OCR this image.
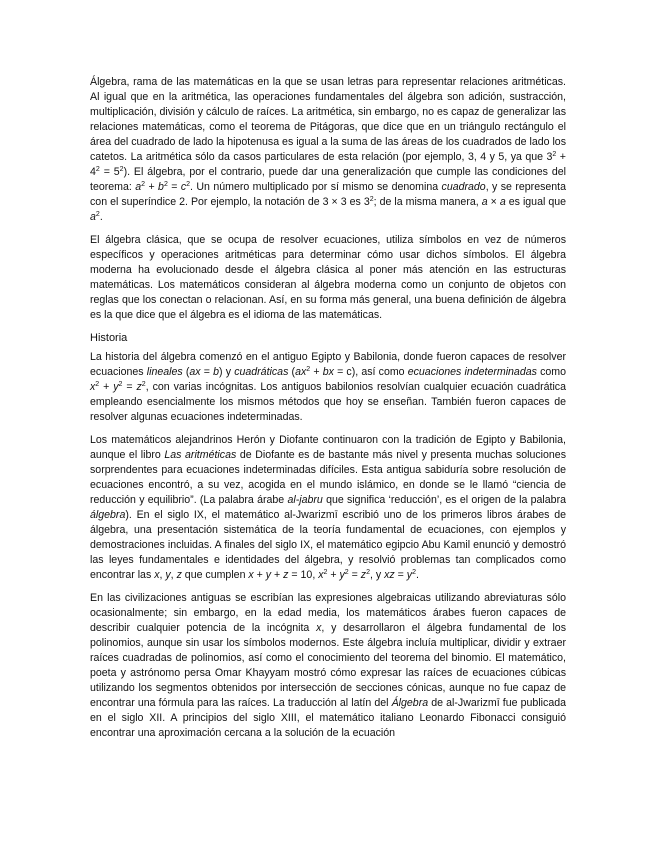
Álgebra, rama de las matemáticas en la que se usan letras para representar relaciones aritméticas. Al igual que en la aritmética, las operaciones fundamentales del álgebra son adición, sustracción, multiplicación, división y cálculo de raíces. La aritmética, sin embargo, no es capaz de generalizar las relaciones matemáticas, como el teorema de Pitágoras, que dice que en un triángulo rectángulo el área del cuadrado de lado la hipotenusa es igual a la suma de las áreas de los cuadrados de lado los catetos. La aritmética sólo da casos particulares de esta relación (por ejemplo, 3, 4 y 5, ya que $3^2 + 4^2 = 5^2$). El álgebra, por el contrario, puede dar una generalización que cumple las condiciones del teorema: $a^2 + b^2 = c^2$. Un número multiplicado por sí mismo se denomina cuadrado, y se representa con el superíndice 2. Por ejemplo, la notación de 3 × 3 es $3^2$; de la misma manera, a × a es igual que $a^2$.

El álgebra clásica, que se ocupa de resolver ecuaciones, utiliza símbolos en vez de números específicos y operaciones aritméticas para determinar cómo usar dichos símbolos. El álgebra moderna ha evolucionado desde el álgebra clásica al poner más atención en las estructuras matemáticas. Los matemáticos consideran al álgebra moderna como un conjunto de objetos con reglas que los conectan o relacionan. Así, en su forma más general, una buena definición de álgebra es la que dice que el álgebra es el idioma de las matemáticas.

Historia

La historia del álgebra comenzó en el antiguo Egipto y Babilonia, donde fueron capaces de resolver ecuaciones lineales (ax = b) y cuadráticas ($ax^2$ + bx = c), así como ecuaciones indeterminadas como $x^2 + y^2 = z^2$, con varias incógnitas. Los antiguos babilonios resolvían cualquier ecuación cuadrática empleando esencialmente los mismos métodos que hoy se enseñan. También fueron capaces de resolver algunas ecuaciones indeterminadas.

Los matemáticos alejandrinos Herón y Diofante continuaron con la tradición de Egipto y Babilonia, aunque el libro Las aritméticas de Diofante es de bastante más nivel y presenta muchas soluciones sorprendentes para ecuaciones indeterminadas difíciles. Esta antigua sabiduría sobre resolución de ecuaciones encontró, a su vez, acogida en el mundo islámico, en donde se le llamó “ciencia de reducción y equilibrio”. (La palabra árabe al-jabru que significa ‘reducción’, es el origen de la palabra álgebra). En el siglo IX, el matemático al-Jwarizmī escribió uno de los primeros libros árabes de álgebra, una presentación sistemática de la teoría fundamental de ecuaciones, con ejemplos y demostraciones incluidas. A finales del siglo IX, el matemático egipcio Abu Kamil enunció y demostró las leyes fundamentales e identidades del álgebra, y resolvió problemas tan complicados como encontrar las x, y, z que cumplen x + y + z = 10, $x^2 + y^2 = z^2$, y xz = $y^2$.

En las civilizaciones antiguas se escribían las expresiones algebraicas utilizando abreviaturas sólo ocasionalmente; sin embargo, en la edad media, los matemáticos árabes fueron capaces de describir cualquier potencia de la incógnita x, y desarrollaron el álgebra fundamental de los polinomios, aunque sin usar los símbolos modernos. Este álgebra incluía multiplicar, dividir y extraer raíces cuadradas de polinomios, así como el conocimiento del teorema del binomio. El matemático, poeta y astrónomo persa Omar Khayyam mostró cómo expresar las raíces de ecuaciones cúbicas utilizando los segmentos obtenidos por intersección de secciones cónicas, aunque no fue capaz de encontrar una fórmula para las raíces. La traducción al latín del Álgebra de al-Jwarizmī fue publicada en el siglo XII. A principios del siglo XIII, el matemático italiano Leonardo Fibonacci consiguió encontrar una aproximación cercana a la solución de la ecuación
